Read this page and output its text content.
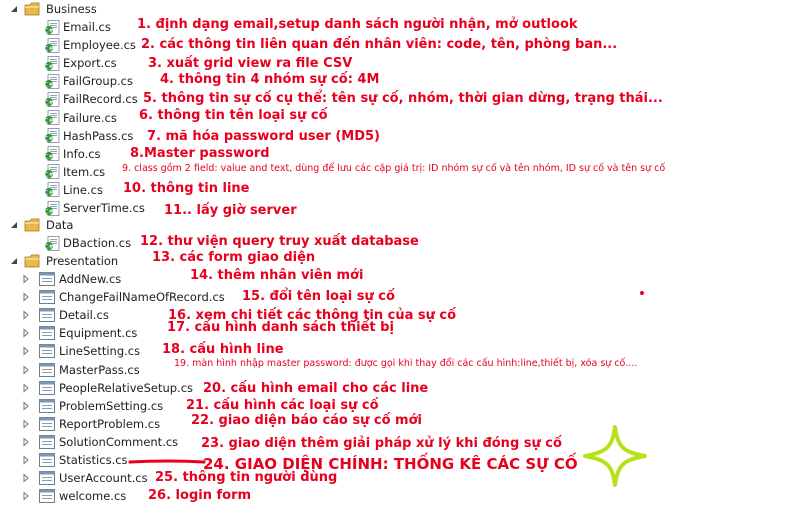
Business
C# Email.cs
C# Employee.cs
C# Export.cs
C# FailGroup.cs
C# FailRecord.cs
C# Failure.cs
C# HashPass.cs
C# Info.cs
C# Item.cs
C# Line.cs
C# ServerTime.cs
Data
C# DBaction.cs
Presentation
AddNew.cs
ChangeFailNameOfRecord.cs
Detail.cs
Equipment.cs
LineSetting.cs
MasterPass.cs
PeopleRelativeSetup.cs
ProblemSetting.cs
ReportProblem.cs
SolutionComment.cs
Statistics.cs
UserAccount.cs
welcome.cs
1. định dạng email,setup danh sách người nhận, mở outlook
2. các thông tin liên quan đến nhân viên: code, tên, phòng ban...
3. xuất grid view ra file CSV
4. thông tin 4 nhóm sự cố: 4M
5. thông tin sự cố cụ thể: tên sự cố, nhóm, thời gian dừng, trạng thái...
6. thông tin tên loại sự cố
7. mã hóa password user (MD5)
8.Master password
9. class gồm 2 field: value and text, dùng để lưu các cặp giá trị: ID nhóm sự cố và tên nhóm, ID sự cố và tên sự cố
10. thông tin line
11.. lấy giờ server
12. thư viện query truy xuất database
13. các form giao diện
14. thêm nhân viên mới
15. đổi tên loại sự cố
16. xem chi tiết các thông tin của sự cố
17. cấu hình danh sách thiết bị
18. cấu hình line
19. màn hình nhập master password: được gọi khi thay đổi các cấu hình:line,thiết bị, xóa sự cố....
20. cấu hình email cho các line
21. cấu hình các loại sự cố
22. giao diện báo cáo sự cố mới
23. giao diện thêm giải pháp xử lý khi đóng sự cố
24. GIAO DIỆN CHÍNH: THỐNG KÊ CÁC SỰ CỐ
25. thông tin người dùng
26. login form
